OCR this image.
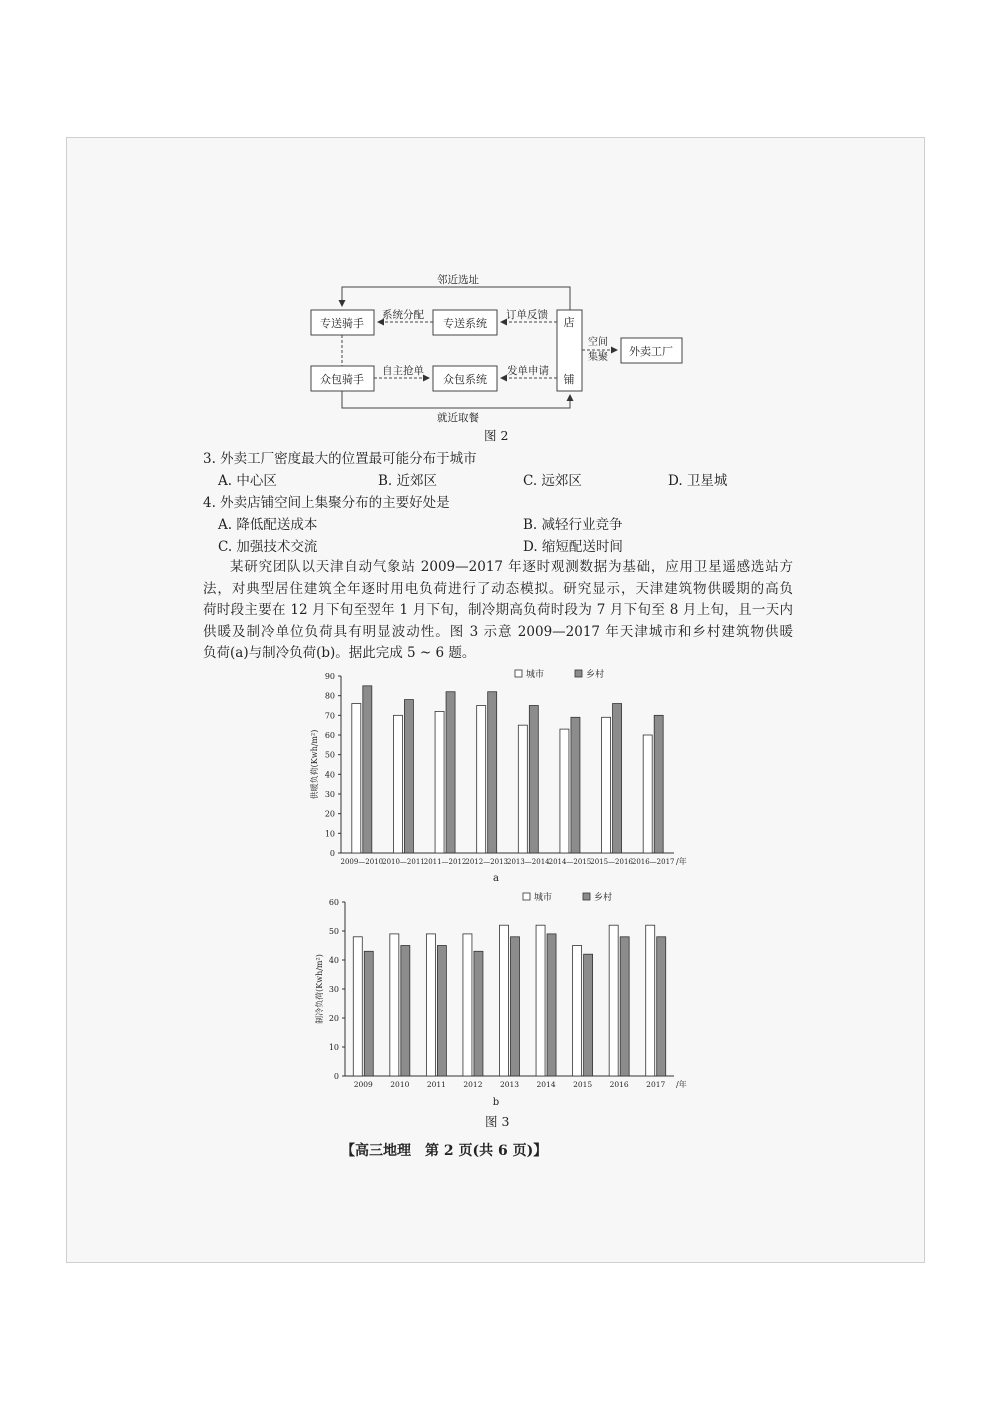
专送骑手
众包骑手
专送系统
众包系统
店
铺
外卖工厂
邻近选址
系统分配	订单反馈
自主抢单	发单申请
就近取餐
空间
集聚
图 2
3. 外卖工厂密度最大的位置最可能分布于城市
A. 中心区	B. 近郊区	C. 远郊区	D. 卫星城
4. 外卖店铺空间上集聚分布的主要好处是
A. 降低配送成本	B. 减轻行业竞争
C. 加强技术交流	D. 缩短配送时间
某研究团队以天津自动气象站 2009—2017 年逐时观测数据为基础，应用卫星遥感选站方
法，对典型居住建筑全年逐时用电负荷进行了动态模拟。研究显示，天津建筑物供暖期的高负
荷时段主要在 12 月下旬至翌年 1 月下旬，制冷期高负荷时段为 7 月下旬至 8 月上旬，且一天内
供暖及制冷单位负荷具有明显波动性。图 3 示意 2009—2017 年天津城市和乡村建筑物供暖
负荷(a)与制冷负荷(b)。据此完成 5 ~ 6 题。
0
10
20
30
40
50
60
70
80
90
供暖负荷(Kwh/m²)
2009—2010
2010—2011
2011—2012
2012—2013
2013—2014
2014—2015
2015—2016
2016—2017 /年
城市	乡村
a
0
10
20
30
40
50
60
制冷负荷(Kwh/m²)
2009 2010 2011 2012 2013 2014 2015 2016 2017 /年
城市	乡村
b
图 3
【高三地理　第 2 页(共 6 页)】
